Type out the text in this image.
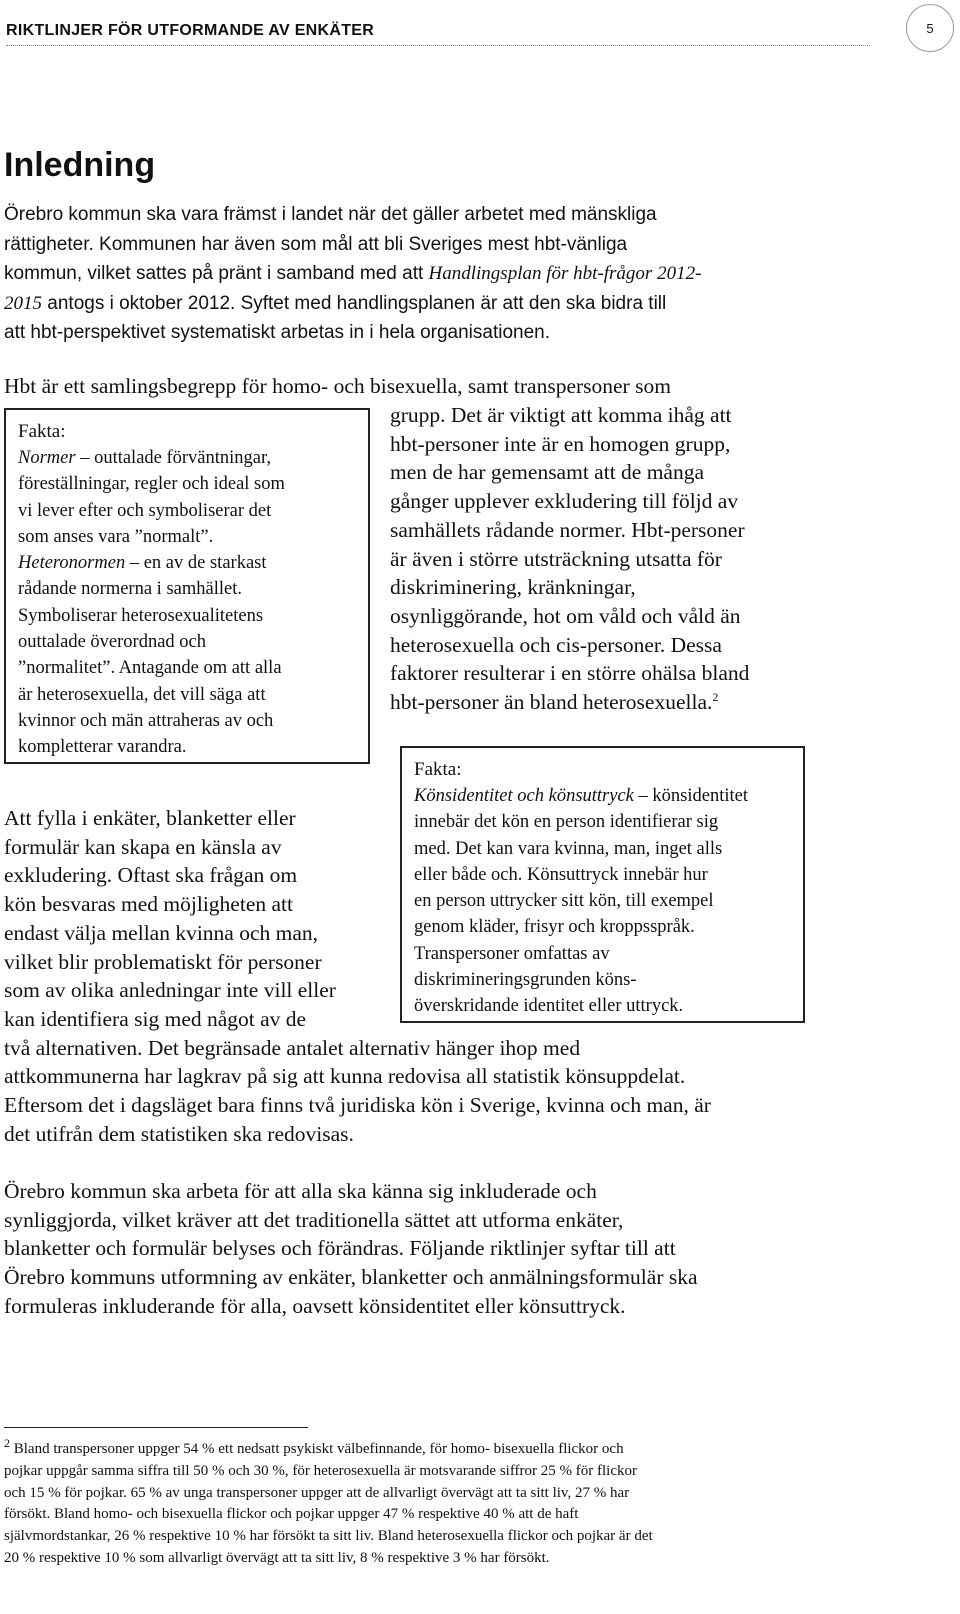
RIKTLINJER FÖR UTFORMANDE AV ENKÄTER	5
Inledning
Örebro kommun ska vara främst i landet när det gäller arbetet med mänskliga
rättigheter. Kommunen har även som mål att bli Sveriges mest hbt-vänliga
kommun, vilket sattes på pränt i samband med att Handlingsplan för hbt-frågor 2012-
2015 antogs i oktober 2012. Syftet med handlingsplanen är att den ska bidra till
att hbt-perspektivet systematiskt arbetas in i hela organisationen.
Hbt är ett samlingsbegrepp för homo- och bisexuella, samt transpersoner som
grupp. Det är viktigt att komma ihåg att
hbt-personer inte är en homogen grupp,
men de har gemensamt att de många
gånger upplever exkludering till följd av
samhällets rådande normer. Hbt-personer
är även i större utsträckning utsatta för
diskriminering, kränkningar,
osynliggörande, hot om våld och våld än
heterosexuella och cis-personer. Dessa
faktorer resulterar i en större ohälsa bland
hbt-personer än bland heterosexuella.$^2$
Fakta:
Normer – outtalade förväntningar,
föreställningar, regler och ideal som
vi lever efter och symboliserar det
som anses vara ”normalt”.
Heteronormen – en av de starkast
rådande normerna i samhället.
Symboliserar heterosexualitetens
outtalade överordnad och
”normalitet”. Antagande om att alla
är heterosexuella, det vill säga att
kvinnor och män attraheras av och
kompletterar varandra.
Fakta:
Könsidentitet och könsuttryck – könsidentitet
innebär det kön en person identifierar sig
med. Det kan vara kvinna, man, inget alls
eller både och. Könsuttryck innebär hur
en person uttrycker sitt kön, till exempel
genom kläder, frisyr och kroppsspråk.
Transpersoner omfattas av
diskrimineringsgrunden köns-
överskridande identitet eller uttryck.
Att fylla i enkäter, blanketter eller
formulär kan skapa en känsla av
exkludering. Oftast ska frågan om
kön besvaras med möjligheten att
endast välja mellan kvinna och man,
vilket blir problematiskt för personer
som av olika anledningar inte vill eller
kan identifiera sig med något av de
två alternativen. Det begränsade antalet alternativ hänger ihop med
attkommunerna har lagkrav på sig att kunna redovisa all statistik könsuppdelat.
Eftersom det i dagsläget bara finns två juridiska kön i Sverige, kvinna och man, är
det utifrån dem statistiken ska redovisas.
Örebro kommun ska arbeta för att alla ska känna sig inkluderade och
synliggjorda, vilket kräver att det traditionella sättet att utforma enkäter,
blanketter och formulär belyses och förändras. Följande riktlinjer syftar till att
Örebro kommuns utformning av enkäter, blanketter och anmälningsformulär ska
formuleras inkluderande för alla, oavsett könsidentitet eller könsuttryck.
$^2$ Bland transpersoner uppger 54 % ett nedsatt psykiskt välbefinnande, för homo- bisexuella flickor och
pojkar uppgår samma siffra till 50 % och 30 %, för heterosexuella är motsvarande siffror 25 % för flickor
och 15 % för pojkar. 65 % av unga transpersoner uppger att de allvarligt övervägt att ta sitt liv, 27 % har
försökt. Bland homo- och bisexuella flickor och pojkar uppger 47 % respektive 40 % att de haft
självmordstankar, 26 % respektive 10 % har försökt ta sitt liv. Bland heterosexuella flickor och pojkar är det
20 % respektive 10 % som allvarligt övervägt att ta sitt liv, 8 % respektive 3 % har försökt.
